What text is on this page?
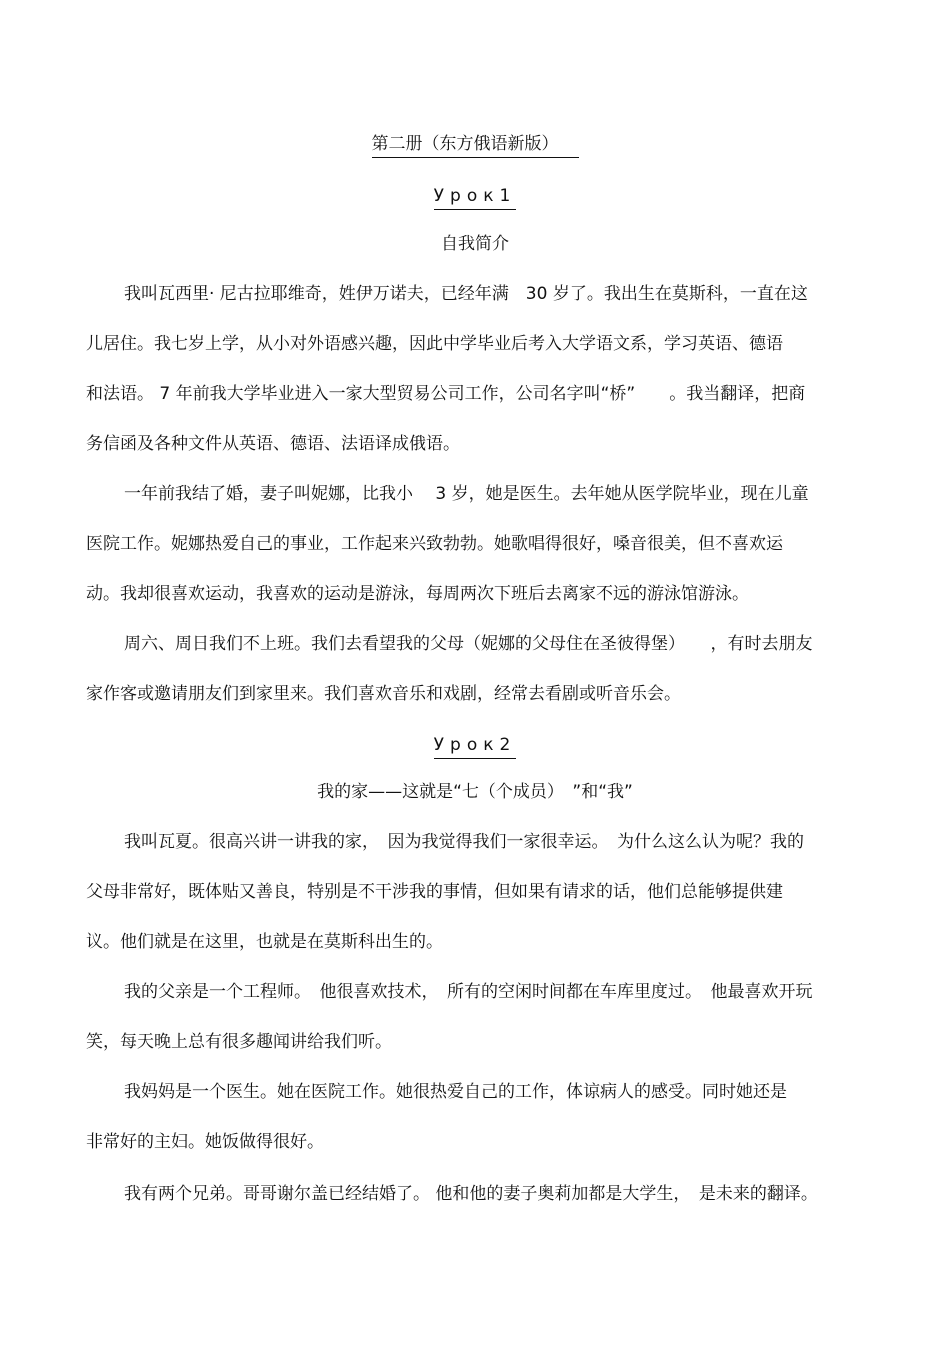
第二册（东方俄语新版）
Урок1
自我简介
我叫瓦西里· 尼古拉耶维奇，姓伊万诺夫，已经年满　30 岁了。我出生在莫斯科，一直在这
儿居住。我七岁上学，从小对外语感兴趣，因此中学毕业后考入大学语文系，学习英语、德语
和法语。 7 年前我大学毕业进入一家大型贸易公司工作，公司名字叫“桥”　　。我当翻译，把商
务信函及各种文件从英语、德语、法语译成俄语。
一年前我结了婚，妻子叫妮娜，比我小　 3 岁，她是医生。去年她从医学院毕业，现在儿童
医院工作。妮娜热爱自己的事业，工作起来兴致勃勃。她歌唱得很好，嗓音很美，但不喜欢运
动。我却很喜欢运动，我喜欢的运动是游泳，每周两次下班后去离家不远的游泳馆游泳。
周六、周日我们不上班。我们去看望我的父母（妮娜的父母住在圣彼得堡）　　，有时去朋友
家作客或邀请朋友们到家里来。我们喜欢音乐和戏剧，经常去看剧或听音乐会。
Урок2
我的家——这就是“七（个成员）　”和“我”
我叫瓦夏。很高兴讲一讲我的家，　因为我觉得我们一家很幸运。　为什么这么认为呢？我的
父母非常好，既体贴又善良，特别是不干涉我的事情，但如果有请求的话，他们总能够提供建
议。他们就是在这里，也就是在莫斯科出生的。
我的父亲是一个工程师。　他很喜欢技术，　所有的空闲时间都在车库里度过。　他最喜欢开玩
笑，每天晚上总有很多趣闻讲给我们听。
我妈妈是一个医生。她在医院工作。她很热爱自己的工作，体谅病人的感受。同时她还是
非常好的主妇。她饭做得很好。
我有两个兄弟。哥哥谢尔盖已经结婚了。 他和他的妻子奥莉加都是大学生，　是未来的翻译。
